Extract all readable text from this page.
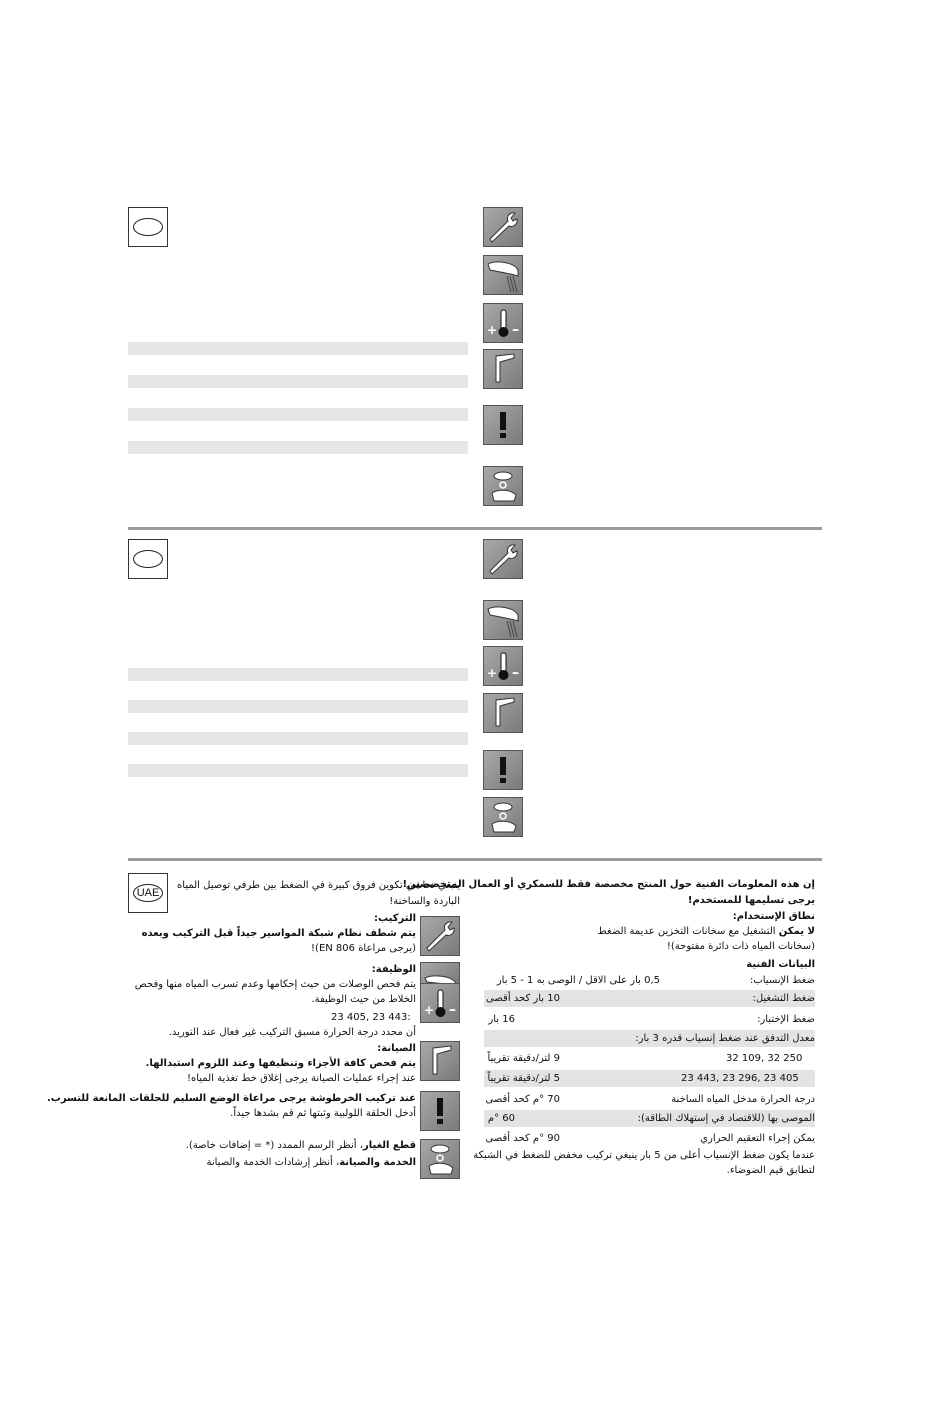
+ –
+ –
UAE
إن هذه المعلومات الفنية حول المنتج مخصصة فقط للسمكري أو العمال المتخصصين!
يرجى تسليمها للمستخدم!
نطاق الإستخدام:
لا يمكن التشغيل مع سخانات التخزين عديمة الضغط
(سخانات المياه ذات دائرة مفتوحة)!
البيانات الفنية
ضغط الإنسياب:
0,5 بار على الاقل / الوصى به 1 - 5 بار
ضغط التشغيل:
10 بار كحد أقصى
ضغط الإختبار:
16 بار
معدل التدفق عند ضغط إنسياب قدره 3 بار:
32 109, 32 250
9 لتر/دقيقة تقريباً
23 443, 23 296, 23 405
5 لتر/دقيقة تقريباً
درجة الحرارة مدخل المياه الساخنة
70 °م كحد أقصى
الموصى بها (للاقتصاد في إستهلاك الطاقة):
60 °م
يمكن إجراء التعقيم الحراري
90 °م كحد أقصى
عندما يكون ضغط الإنسياب أعلى من 5 بار ينبغي تركيب مخفض للضغط في الشبكة
لتطابق قيم الضوضاء.
ينبغي تحاشي تكوين فروق كبيرة في الضغط بين طرفي توصيل المياه
الباردة والساخنة!
التركيب:
يتم شطف نظام شبكة المواسير جيداً قبل التركيب وبعده
(يرجى مراعاة EN 806)!
+ –
الوظيفة:
يتم فحص الوصلات من حيث إحكامها وعدم تسرب المياه منها وفحص
الخلاط من حيث الوظيفة.
23 405, 23 443:
أن محدد درجة الحرارة مسبق التركيب غير فعال عند التوريد.
الصيانة:
يتم فحص كافة الأجزاء وتنظيفها وعند اللزوم استبدالها.
عند إجراء عمليات الصيانة يرجى إغلاق خط تغذية المياه!
عند تركيب الخرطوشة يرجى مراعاة الوضع السليم للحلقات المانعة للتسرب.
أدخل الحلقة اللولبية وثبتها ثم قم بشدها جيداً.
قطع الغيار، أنظر الرسم الممدد (* = إضافات خاصة).
الخدمة والصيانة، أنظر إرشادات الخدمة والصيانة
